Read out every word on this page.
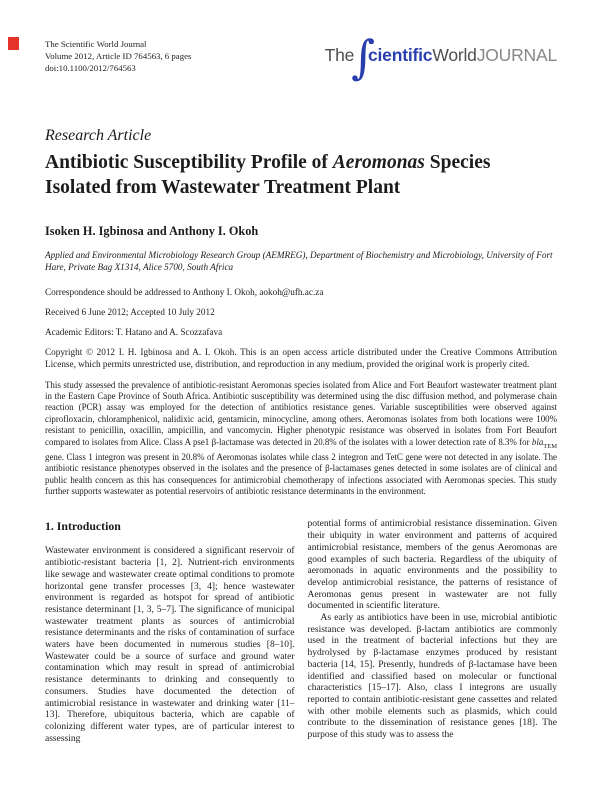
The Scientific World Journal
Volume 2012, Article ID 764563, 6 pages
doi:10.1100/2012/764563
The
∫
cientific World JOURNAL
Research Article
Antibiotic Susceptibility Profile of Aeromonas Species Isolated from Wastewater Treatment Plant
Isoken H. Igbinosa and Anthony I. Okoh
Applied and Environmental Microbiology Research Group (AEMREG), Department of Biochemistry and Microbiology, University of Fort Hare, Private Bag X1314, Alice 5700, South Africa
Correspondence should be addressed to Anthony I. Okoh, aokoh@ufh.ac.za
Received 6 June 2012; Accepted 10 July 2012
Academic Editors: T. Hatano and A. Scozzafava
Copyright © 2012 I. H. Igbinosa and A. I. Okoh. This is an open access article distributed under the Creative Commons Attribution License, which permits unrestricted use, distribution, and reproduction in any medium, provided the original work is properly cited.
This study assessed the prevalence of antibiotic-resistant Aeromonas species isolated from Alice and Fort Beaufort wastewater treatment plant in the Eastern Cape Province of South Africa. Antibiotic susceptibility was determined using the disc diffusion method, and polymerase chain reaction (PCR) assay was employed for the detection of antibiotics resistance genes. Variable susceptibilities were observed against ciprofloxacin, chloramphenicol, nalidixic acid, gentamicin, minocycline, among others. Aeromonas isolates from both locations were 100% resistant to penicillin, oxacillin, ampicillin, and vancomycin. Higher phenotypic resistance was observed in isolates from Fort Beaufort compared to isolates from Alice. Class A pse1 β-lactamase was detected in 20.8% of the isolates with a lower detection rate of 8.3% for bla$_{TEM}$ gene. Class 1 integron was present in 20.8% of Aeromonas isolates while class 2 integron and TetC gene were not detected in any isolate. The antibiotic resistance phenotypes observed in the isolates and the presence of β-lactamases genes detected in some isolates are of clinical and public health concern as this has consequences for antimicrobial chemotherapy of infections associated with Aeromonas species. This study further supports wastewater as potential reservoirs of antibiotic resistance determinants in the environment.
1. Introduction

Wastewater environment is considered a significant reservoir of antibiotic-resistant bacteria [1, 2]. Nutrient-rich environments like sewage and wastewater create optimal conditions to promote horizontal gene transfer processes [3, 4]; hence wastewater environment is regarded as hotspot for spread of antibiotic resistance determinant [1, 3, 5–7]. The significance of municipal wastewater treatment plants as sources of antimicrobial resistance determinants and the risks of contamination of surface waters have been documented in numerous studies [8–10]. Wastewater could be a source of surface and ground water contamination which may result in spread of antimicrobial resistance determinants to drinking and consequently to consumers. Studies have documented the detection of antimicrobial resistance in wastewater and drinking water [11–13]. Therefore, ubiquitous bacteria, which are capable of colonizing different water types, are of particular interest to assessing

potential forms of antimicrobial resistance dissemination. Given their ubiquity in water environment and patterns of acquired antimicrobial resistance, members of the genus Aeromonas are good examples of such bacteria. Regardless of the ubiquity of aeromonads in aquatic environments and the possibility to develop antimicrobial resistance, the patterns of resistance of Aeromonas genus present in wastewater are not fully documented in scientific literature.

As early as antibiotics have been in use, microbial antibiotic resistance was developed. β-lactam antibiotics are commonly used in the treatment of bacterial infections but they are hydrolysed by β-lactamase enzymes produced by resistant bacteria [14, 15]. Presently, hundreds of β-lactamase have been identified and classified based on molecular or functional characteristics [15–17]. Also, class I integrons are usually reported to contain antibiotic-resistant gene cassettes and related with other mobile elements such as plasmids, which could contribute to the dissemination of resistance genes [18]. The purpose of this study was to assess the
